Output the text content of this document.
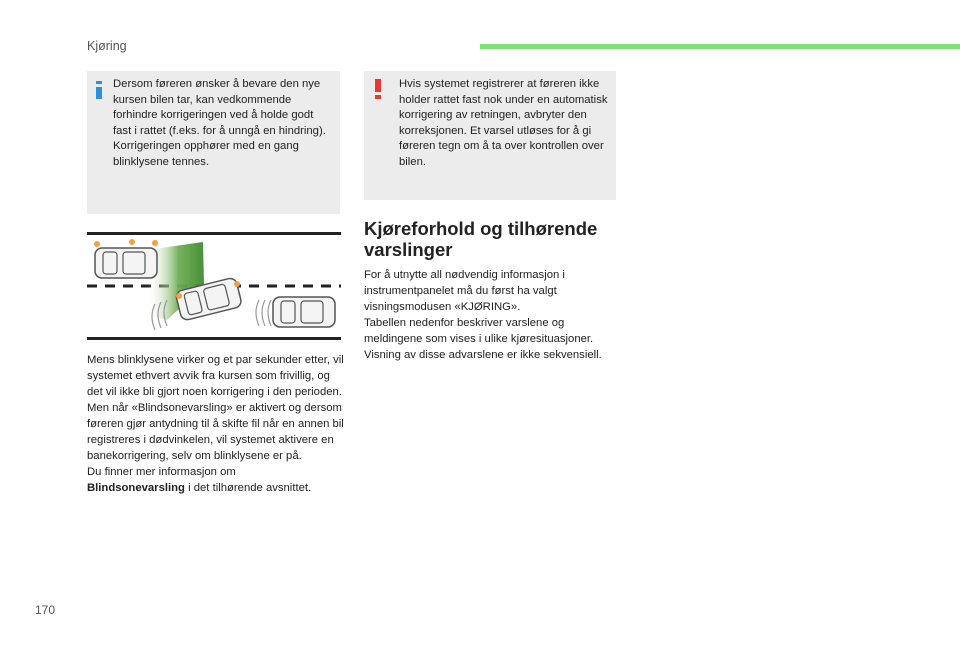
Kjøring

Dersom føreren ønsker å bevare den nye kursen bilen tar, kan vedkommende forhindre korrigeringen ved å holde godt fast i rattet (f.eks. for å unngå en hindring). Korrigeringen opphører med en gang blinklysene tennes.

Hvis systemet registrerer at føreren ikke holder rattet fast nok under en automatisk korrigering av retningen, avbryter den korreksjonen. Et varsel utløses for å gi føreren tegn om å ta over kontrollen over bilen.

Mens blinklysene virker og et par sekunder etter, vil systemet ethvert avvik fra kursen som frivillig, og det vil ikke bli gjort noen korrigering i den perioden.

Men når «Blindsonevarsling» er aktivert og dersom føreren gjør antydning til å skifte fil når en annen bil registreres i dødvinkelen, vil systemet aktivere en banekorrigering, selv om blinklysene er på.

Du finner mer informasjon om
Blindsonevarsling i det tilhørende avsnittet.

Kjøreforhold og tilhørende varslinger

For å utnytte all nødvendig informasjon i instrumentpanelet må du først ha valgt visningsmodusen «KJØRING».

Tabellen nedenfor beskriver varslene og meldingene som vises i ulike kjøresituasjoner. Visning av disse advarslene er ikke sekvensiell.

170
